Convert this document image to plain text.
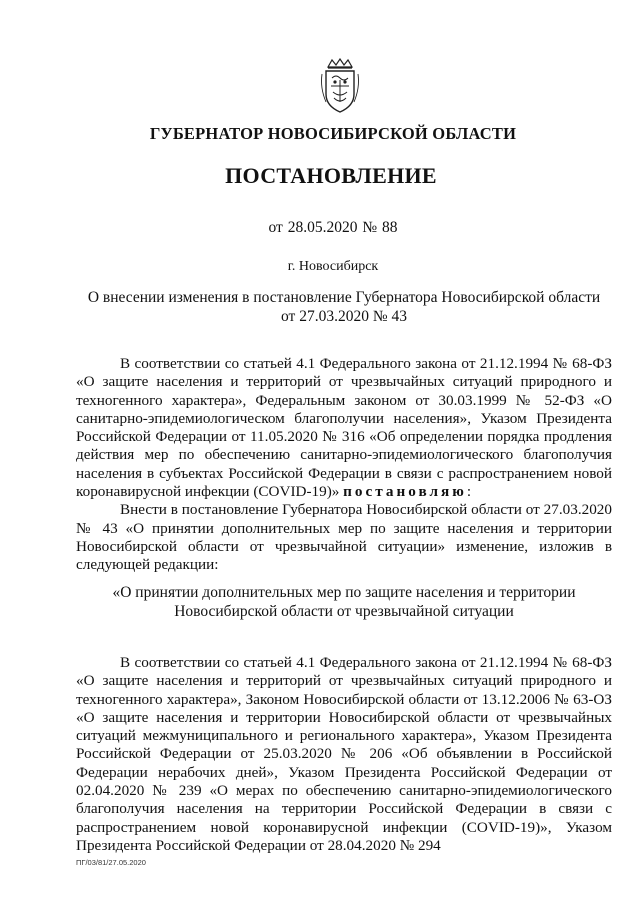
ГУБЕРНАТОР НОВОСИБИРСКОЙ ОБЛАСТИ
ПОСТАНОВЛЕНИЕ
от 28.05.2020 № 88
г. Новосибирск
О внесении изменения в постановление Губернатора Новосибирской области
от 27.03.2020 № 43

В соответствии со статьей 4.1 Федерального закона от 21.12.1994 № 68-ФЗ «О защите населения и территорий от чрезвычайных ситуаций природного и техногенного характера», Федеральным законом от 30.03.1999 № 52-ФЗ «О санитарно-эпидемиологическом благополучии населения», Указом Президента Российской Федерации от 11.05.2020 № 316 «Об определении порядка продления действия мер по обеспечению санитарно-эпидемиологического благополучия населения в субъектах Российской Федерации в связи с распространением новой коронавирусной инфекции (COVID-19)» постановляю:

Внести в постановление Губернатора Новосибирской области от 27.03.2020 № 43 «О принятии дополнительных мер по защите населения и территории Новосибирской области от чрезвычайной ситуации» изменение, изложив в следующей редакции:

«О принятии дополнительных мер по защите населения и территории
Новосибирской области от чрезвычайной ситуации

В соответствии со статьей 4.1 Федерального закона от 21.12.1994 № 68-ФЗ «О защите населения и территорий от чрезвычайных ситуаций природного и техногенного характера», Законом Новосибирской области от 13.12.2006 № 63-ОЗ «О защите населения и территории Новосибирской области от чрезвычайных ситуаций межмуниципального и регионального характера», Указом Президента Российской Федерации от 25.03.2020 № 206 «Об объявлении в Российской Федерации нерабочих дней», Указом Президента Российской Федерации от 02.04.2020 № 239 «О мерах по обеспечению санитарно-эпидемиологического благополучия населения на территории Российской Федерации в связи с распространением новой коронавирусной инфекции (COVID-19)», Указом Президента Российской Федерации от 28.04.2020 № 294

ПГ/03/81/27.05.2020
